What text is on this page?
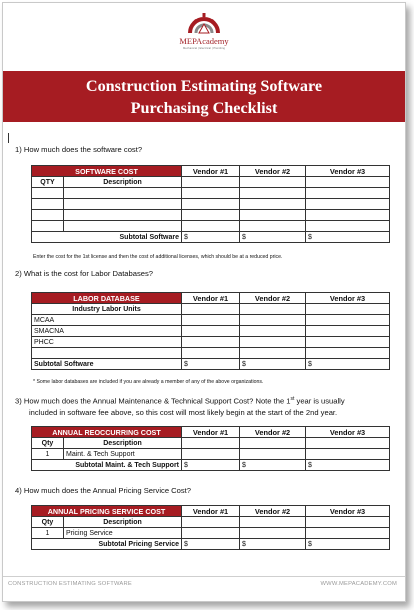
MEPAcademy
Mechanical | Electrical | Plumbing
Construction Estimating Software
Purchasing Checklist
1) How much does the software cost?
SOFTWARE COST		Vendor #1	Vendor #2	Vendor #3
QTY	Description			

Subtotal Software		$	$	$
Enter the cost for the 1st license and then the cost of additional licenses, which should be at a reduced price.
2) What is the cost for Labor Databases?
LABOR DATABASE	Vendor #1	Vendor #2	Vendor #3
Industry Labor Units			
MCAA			
SMACNA			
PHCC			

Subtotal Software	$	$	$
* Some labor databases are included if you are already a member of any of the above organizations.
3) How much does the Annual Maintenance & Technical Support Cost? Note the 1st year is usually
included in software fee above, so this cost will most likely begin at the start of the 2nd year.
ANNUAL REOCCURRING COST		Vendor #1	Vendor #2	Vendor #3
Qty	Description			
1	Maint. & Tech Support			
Subtotal Maint. & Tech Support		$	$	$
4) How much does the Annual Pricing Service Cost?
ANNUAL PRICING SERVICE COST		Vendor #1	Vendor #2	Vendor #3
Qty	Description			
1	Pricing Service			
Subtotal Pricing Service		$	$	$
CONSTRUCTION ESTIMATING SOFTWARE	WWW.MEPACADEMY.COM
